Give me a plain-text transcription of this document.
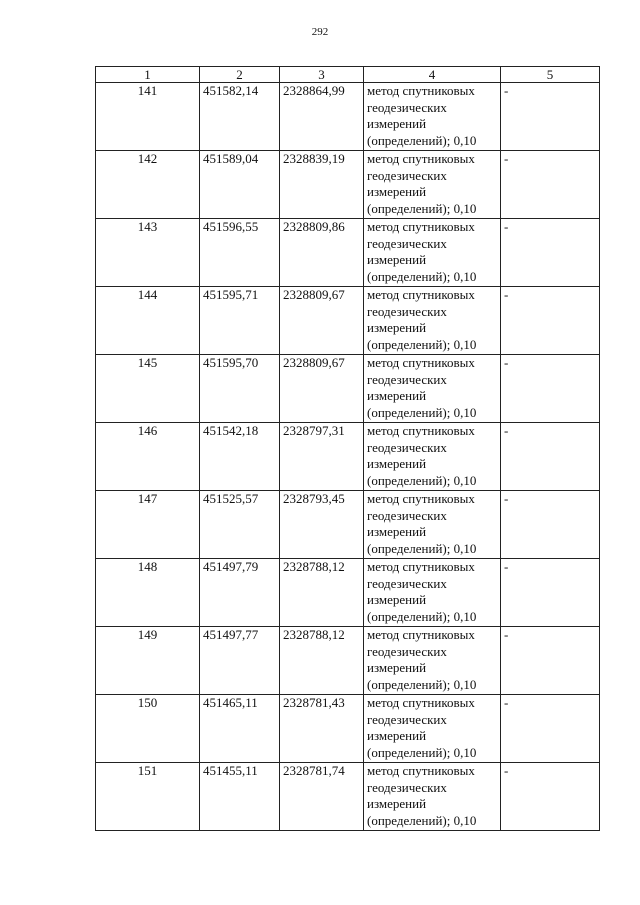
292
1	2	3	4	5
141	451582,14	2328864,99	метод спутниковых
геодезических
измерений
(определений); 0,10	-
142	451589,04	2328839,19	метод спутниковых
геодезических
измерений
(определений); 0,10	-
143	451596,55	2328809,86	метод спутниковых
геодезических
измерений
(определений); 0,10	-
144	451595,71	2328809,67	метод спутниковых
геодезических
измерений
(определений); 0,10	-
145	451595,70	2328809,67	метод спутниковых
геодезических
измерений
(определений); 0,10	-
146	451542,18	2328797,31	метод спутниковых
геодезических
измерений
(определений); 0,10	-
147	451525,57	2328793,45	метод спутниковых
геодезических
измерений
(определений); 0,10	-
148	451497,79	2328788,12	метод спутниковых
геодезических
измерений
(определений); 0,10	-
149	451497,77	2328788,12	метод спутниковых
геодезических
измерений
(определений); 0,10	-
150	451465,11	2328781,43	метод спутниковых
геодезических
измерений
(определений); 0,10	-
151	451455,11	2328781,74	метод спутниковых
геодезических
измерений
(определений); 0,10	-
